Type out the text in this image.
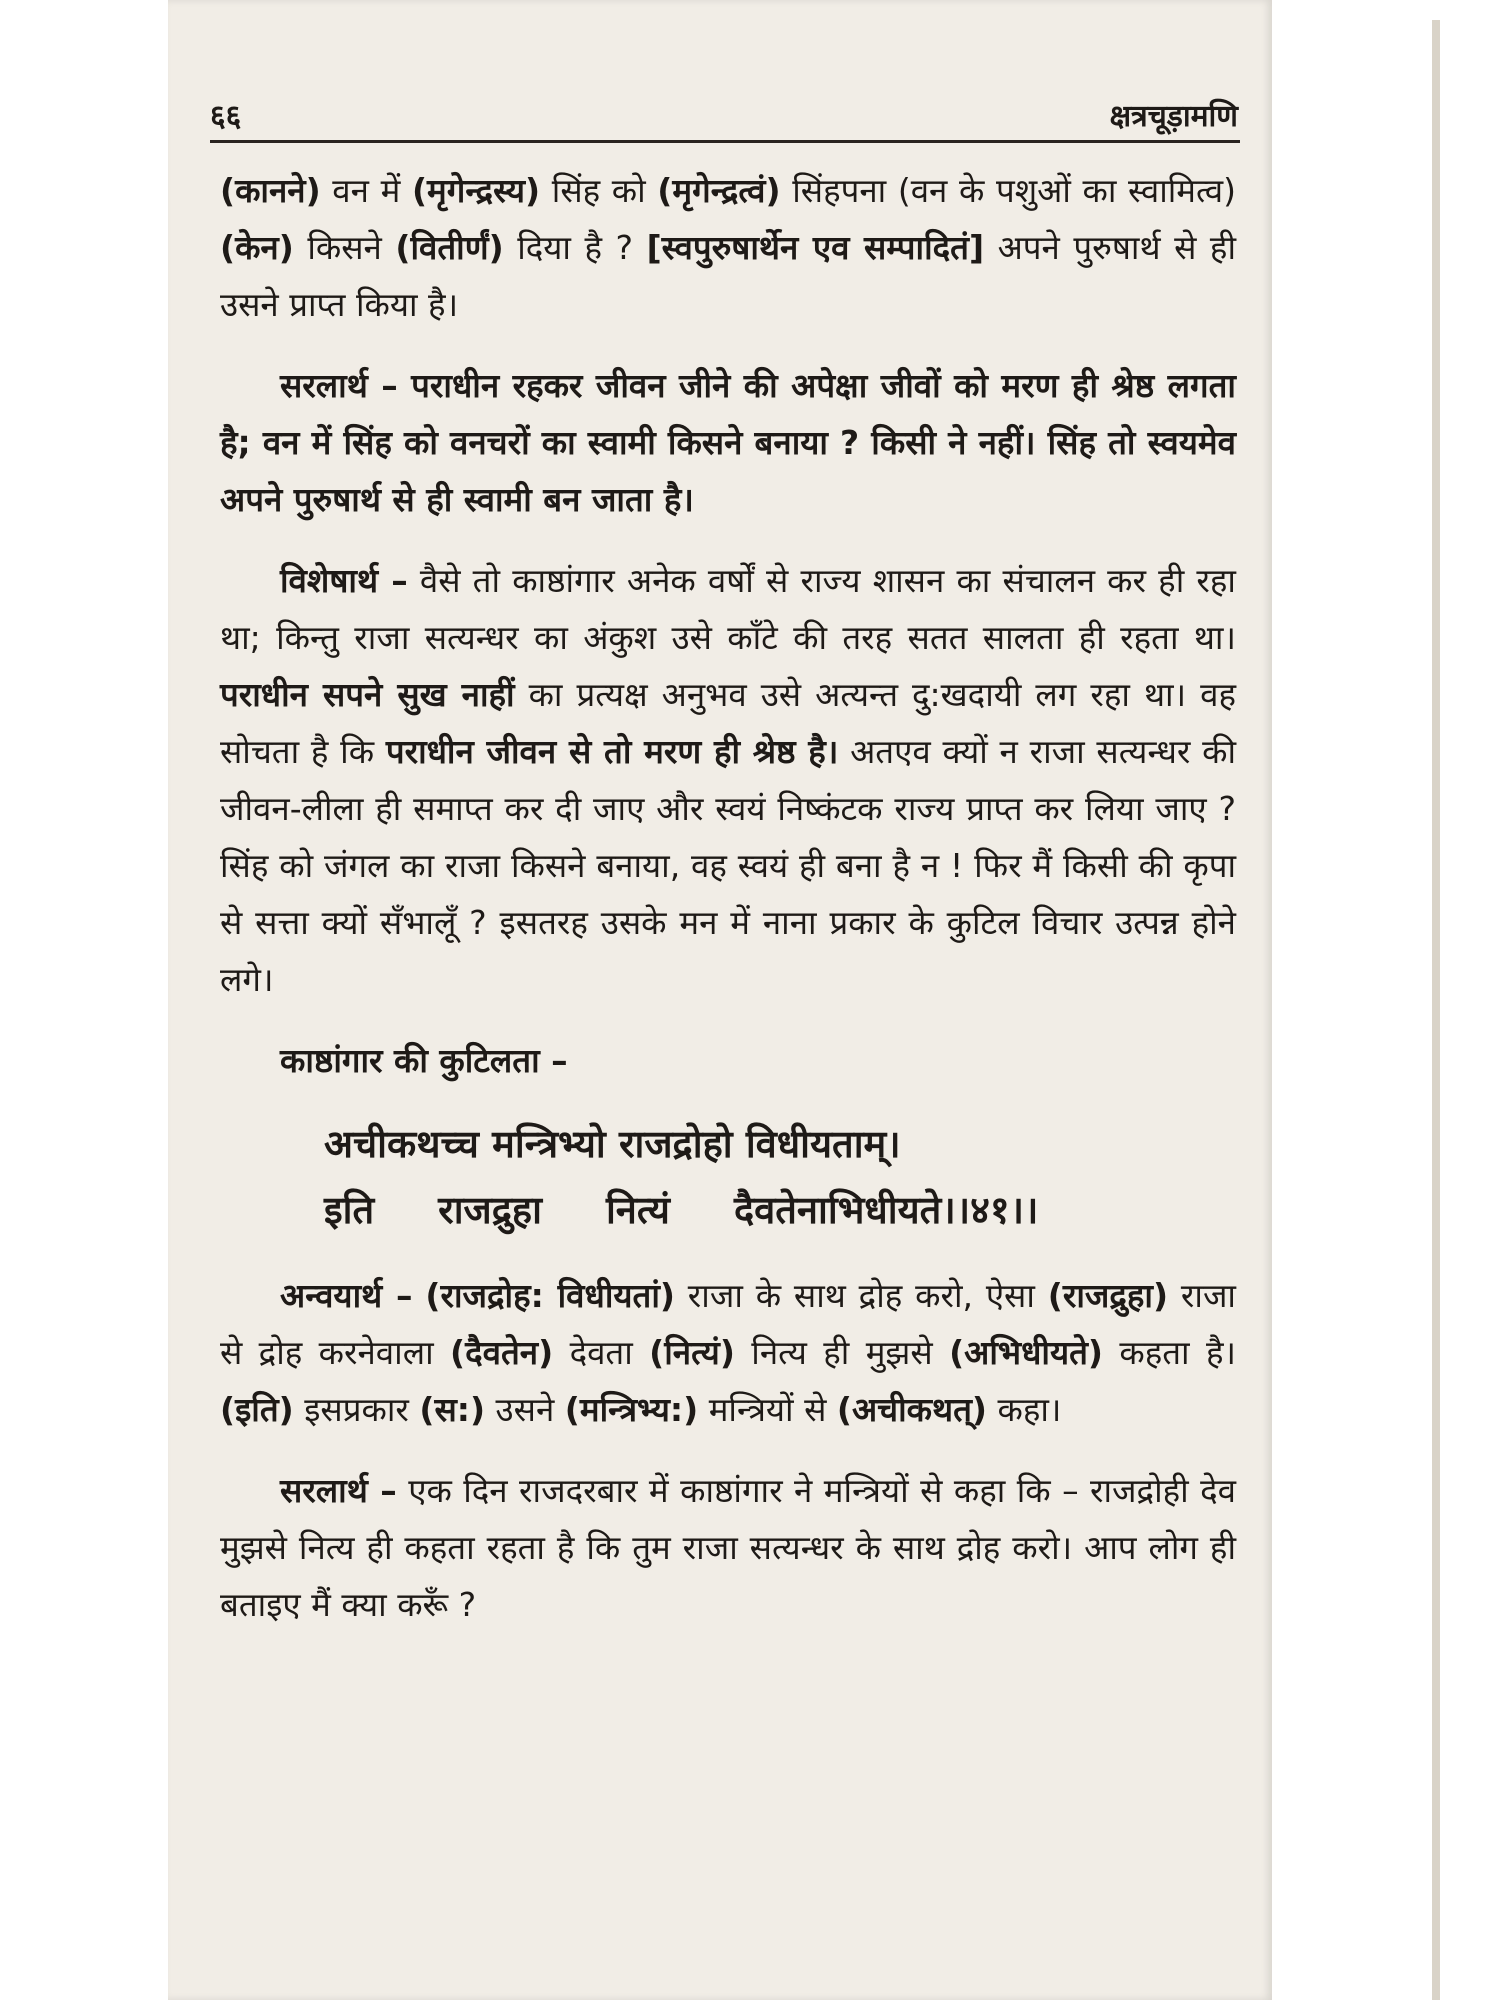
६६	क्षत्रचूड़ामणि

(कानने) वन में (मृगेन्द्रस्य) सिंह को (मृगेन्द्रत्वं) सिंहपना (वन के पशुओं का स्वामित्व) (केन) किसने (वितीर्णं) दिया है ? [स्वपुरुषार्थेन एव सम्पादितं] अपने पुरुषार्थ से ही उसने प्राप्त किया है।

सरलार्थ – पराधीन रहकर जीवन जीने की अपेक्षा जीवों को मरण ही श्रेष्ठ लगता है; वन में सिंह को वनचरों का स्वामी किसने बनाया ? किसी ने नहीं। सिंह तो स्वयमेव अपने पुरुषार्थ से ही स्वामी बन जाता है।

विशेषार्थ – वैसे तो काष्ठांगार अनेक वर्षों से राज्य शासन का संचालन कर ही रहा था; किन्तु राजा सत्यन्धर का अंकुश उसे काँटे की तरह सतत सालता ही रहता था। पराधीन सपने सुख नाहीं का प्रत्यक्ष अनुभव उसे अत्यन्त दु:खदायी लग रहा था। वह सोचता है कि पराधीन जीवन से तो मरण ही श्रेष्ठ है। अतएव क्यों न राजा सत्यन्धर की जीवन-लीला ही समाप्त कर दी जाए और स्वयं निष्कंटक राज्य प्राप्त कर लिया जाए ? सिंह को जंगल का राजा किसने बनाया, वह स्वयं ही बना है न ! फिर मैं किसी की कृपा से सत्ता क्यों सँभालूँ ? इसतरह उसके मन में नाना प्रकार के कुटिल विचार उत्पन्न होने लगे।

काष्ठांगार की कुटिलता –

अचीकथच्च मन्त्रिभ्यो राजद्रोहो विधीयताम्।
इति राजद्रुहा नित्यं दैवतेनाभिधीयते।।४१।।

अन्वयार्थ – (राजद्रोह: विधीयतां) राजा के साथ द्रोह करो, ऐसा (राजद्रुहा) राजा से द्रोह करनेवाला (दैवतेन) देवता (नित्यं) नित्य ही मुझसे (अभिधीयते) कहता है। (इति) इसप्रकार (स:) उसने (मन्त्रिभ्य:) मन्त्रियों से (अचीकथत्) कहा।

सरलार्थ – एक दिन राजदरबार में काष्ठांगार ने मन्त्रियों से कहा कि – राजद्रोही देव मुझसे नित्य ही कहता रहता है कि तुम राजा सत्यन्धर के साथ द्रोह करो। आप लोग ही बताइए मैं क्या करूँ ?
